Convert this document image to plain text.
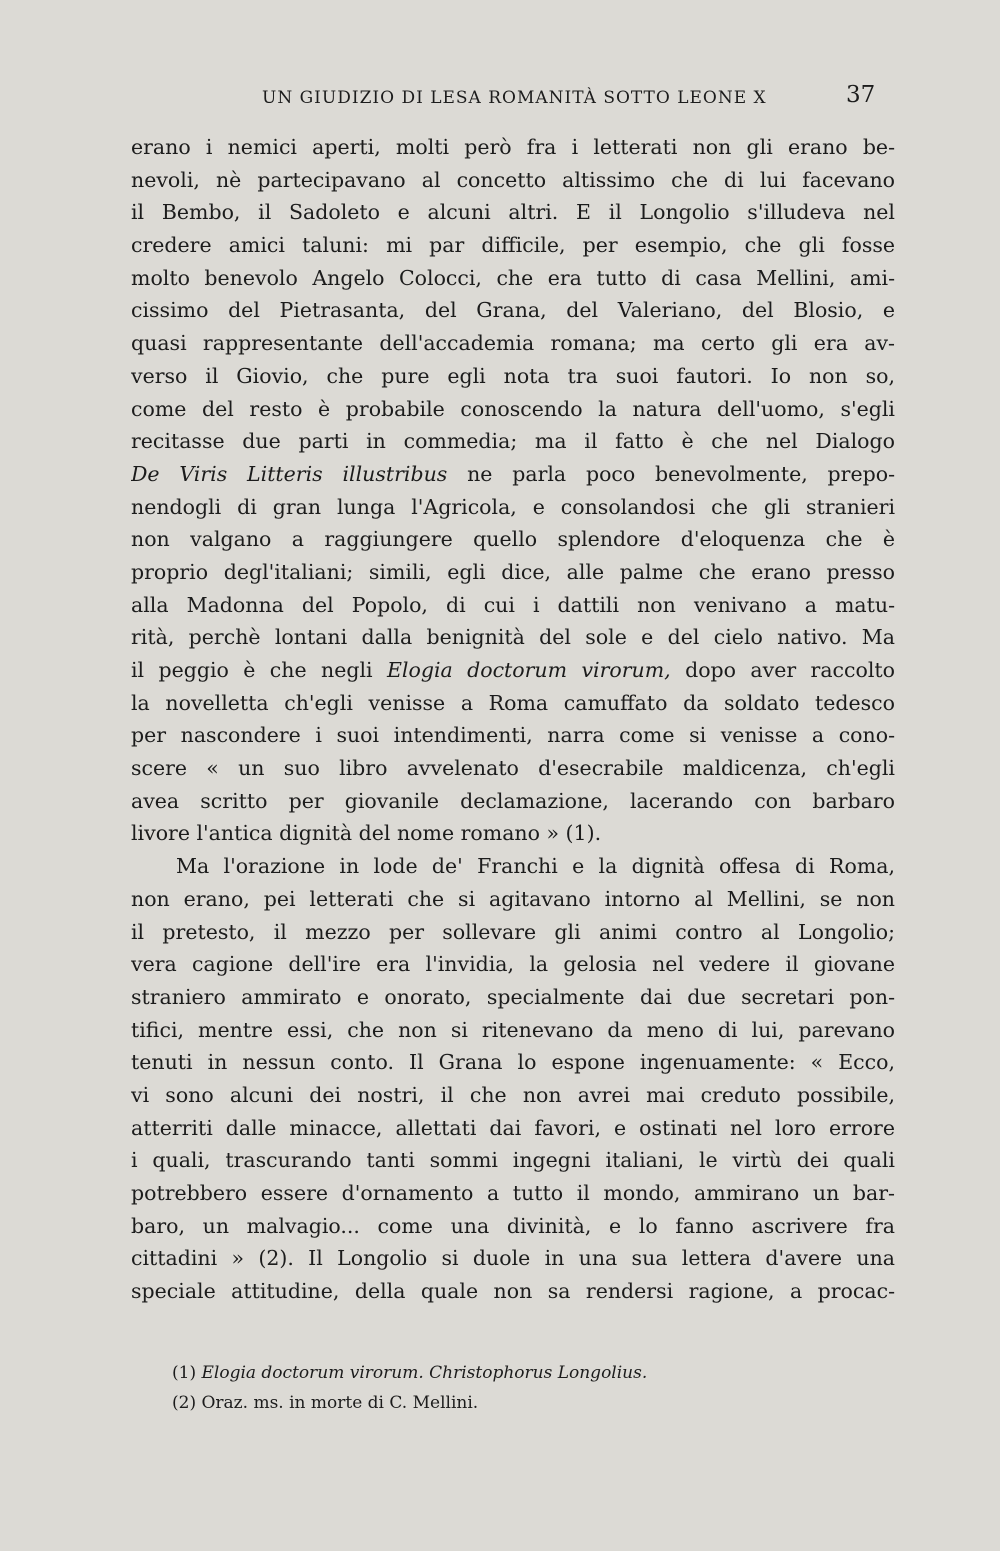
UN GIUDIZIO DI LESA ROMANITÀ SOTTO LEONE X	37
erano i nemici aperti, molti però fra i letterati non gli erano be-
nevoli, nè partecipavano al concetto altissimo che di lui facevano
il Bembo, il Sadoleto e alcuni altri. E il Longolio s'illudeva nel
credere amici taluni: mi par difficile, per esempio, che gli fosse
molto benevolo Angelo Colocci, che era tutto di casa Mellini, ami-
cissimo del Pietrasanta, del Grana, del Valeriano, del Blosio, e
quasi rappresentante dell'accademia romana; ma certo gli era av-
verso il Giovio, che pure egli nota tra suoi fautori. Io non so,
come del resto è probabile conoscendo la natura dell'uomo, s'egli
recitasse due parti in commedia; ma il fatto è che nel Dialogo
De Viris Litteris illustribus ne parla poco benevolmente, prepo-
nendogli di gran lunga l'Agricola, e consolandosi che gli stranieri
non valgano a raggiungere quello splendore d'eloquenza che è
proprio degl'italiani; simili, egli dice, alle palme che erano presso
alla Madonna del Popolo, di cui i dattili non venivano a matu-
rità, perchè lontani dalla benignità del sole e del cielo nativo. Ma
il peggio è che negli Elogia doctorum virorum, dopo aver raccolto
la novelletta ch'egli venisse a Roma camuffato da soldato tedesco
per nascondere i suoi intendimenti, narra come si venisse a cono-
scere « un suo libro avvelenato d'esecrabile maldicenza, ch'egli
avea scritto per giovanile declamazione, lacerando con barbaro
livore l'antica dignità del nome romano » (1).
Ma l'orazione in lode de' Franchi e la dignità offesa di Roma,
non erano, pei letterati che si agitavano intorno al Mellini, se non
il pretesto, il mezzo per sollevare gli animi contro al Longolio;
vera cagione dell'ire era l'invidia, la gelosia nel vedere il giovane
straniero ammirato e onorato, specialmente dai due secretari pon-
tifici, mentre essi, che non si ritenevano da meno di lui, parevano
tenuti in nessun conto. Il Grana lo espone ingenuamente: « Ecco,
vi sono alcuni dei nostri, il che non avrei mai creduto possibile,
atterriti dalle minacce, allettati dai favori, e ostinati nel loro errore
i quali, trascurando tanti sommi ingegni italiani, le virtù dei quali
potrebbero essere d'ornamento a tutto il mondo, ammirano un bar-
baro, un malvagio... come una divinità, e lo fanno ascrivere fra
cittadini » (2). Il Longolio si duole in una sua lettera d'avere una
speciale attitudine, della quale non sa rendersi ragione, a procac-
(1) Elogia doctorum virorum. Christophorus Longolius.
(2) Oraz. ms. in morte di C. Mellini.
